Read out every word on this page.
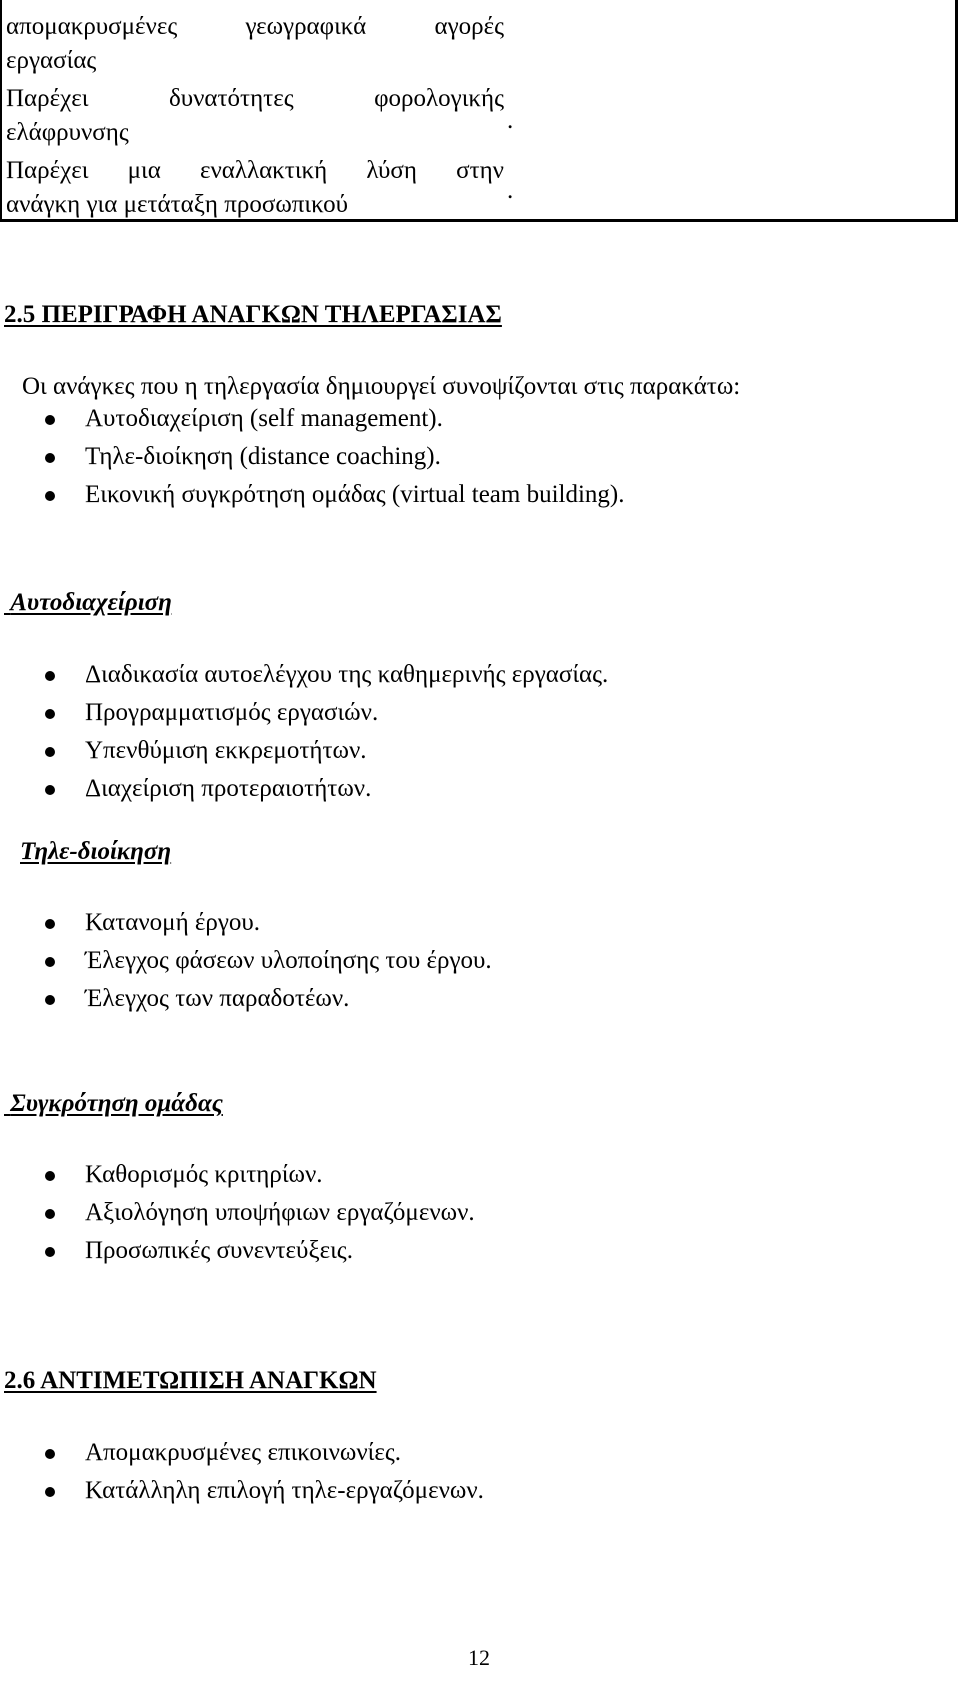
απομακρυσμένες γεωγραφικά αγορές
εργασίας
Παρέχει δυνατότητες φορολογικής
ελάφρυνσης	.
Παρέχει μια εναλλακτική λύση στην
ανάγκη για μετάταξη προσωπικού
.
2.5 ΠΕΡΙΓΡΑΦΗ ΑΝΑΓΚΩΝ ΤΗΛΕΡΓΑΣΙΑΣ
Οι ανάγκες που η τηλεργασία δημιουργεί συνοψίζονται στις παρακάτω:
Αυτοδιαχείριση (self management).
Τηλε-διοίκηση (distance coaching).
Εικονική συγκρότηση ομάδας (virtual team building).
Αυτοδιαχείριση
Διαδικασία αυτοελέγχου της καθημερινής εργασίας.
Προγραμματισμός εργασιών.
Υπενθύμιση εκκρεμοτήτων.
Διαχείριση προτεραιοτήτων.
Τηλε-διοίκηση
Κατανομή έργου.
Έλεγχος φάσεων υλοποίησης του έργου.
Έλεγχος των παραδοτέων.
Συγκρότηση ομάδας
Καθορισμός κριτηρίων.
Αξιολόγηση υποψήφιων εργαζόμενων.
Προσωπικές συνεντεύξεις.
2.6 ΑΝΤΙΜΕΤΩΠΙΣΗ ΑΝΑΓΚΩΝ
Απομακρυσμένες επικοινωνίες.
Κατάλληλη επιλογή τηλε-εργαζόμενων.
12
